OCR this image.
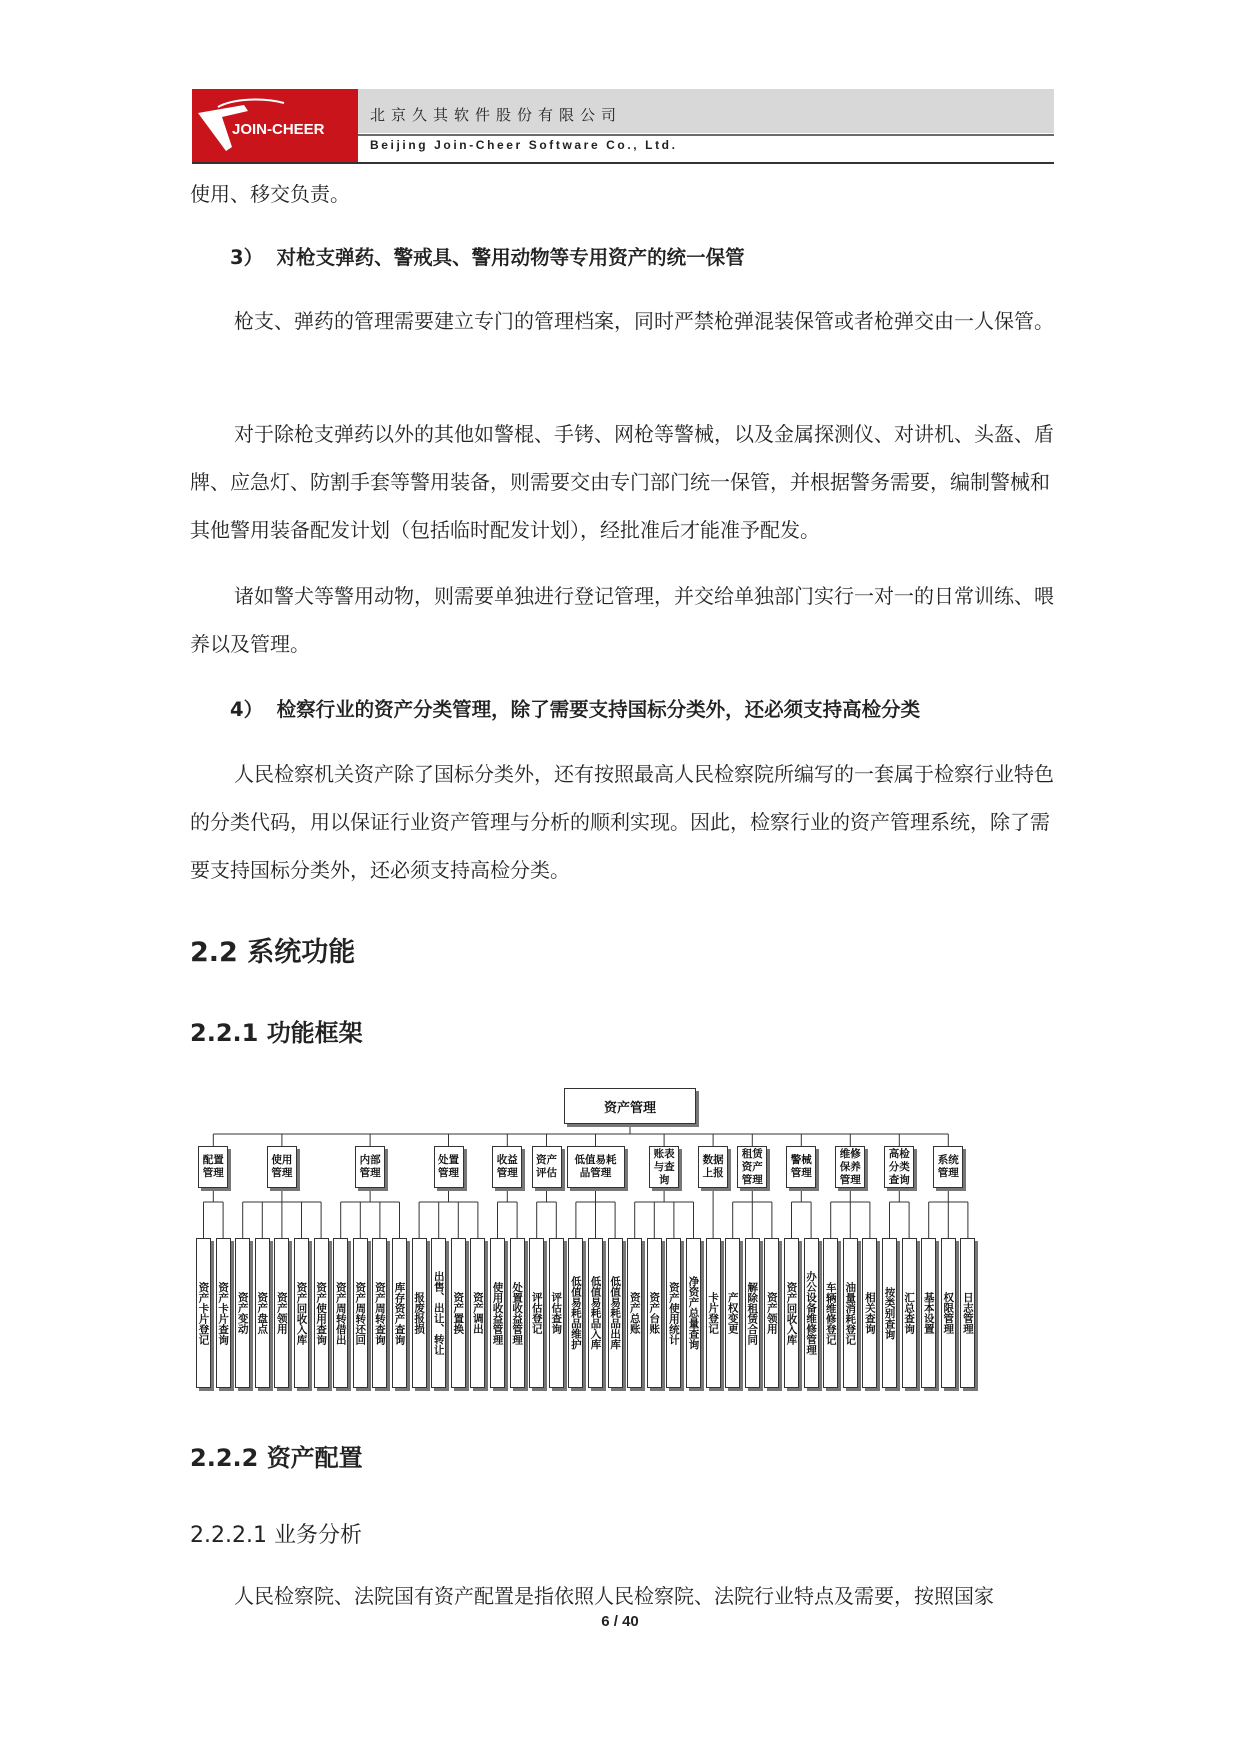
JOIN-CHEER
北京久其软件股份有限公司
Beijing Join-Cheer Software Co., Ltd.
使用、移交负责。
3） 对枪支弹药、警戒具、警用动物等专用资产的统一保管
枪支、弹药的管理需要建立专门的管理档案，同时严禁枪弹混装保管或者枪弹交由一人保管。
对于除枪支弹药以外的其他如警棍、手铐、网枪等警械，以及金属探测仪、对讲机、头盔、盾牌、应急灯、防割手套等警用装备，则需要交由专门部门统一保管，并根据警务需要，编制警械和其他警用装备配发计划（包括临时配发计划），经批准后才能准予配发。
诸如警犬等警用动物，则需要单独进行登记管理，并交给单独部门实行一对一的日常训练、喂养以及管理。
4） 检察行业的资产分类管理，除了需要支持国标分类外，还必须支持高检分类
人民检察机关资产除了国标分类外，还有按照最高人民检察院所编写的一套属于检察行业特色的分类代码，用以保证行业资产管理与分析的顺利实现。因此，检察行业的资产管理系统，除了需要支持国标分类外，还必须支持高检分类。
2.2 系统功能
2.2.1 功能框架
资产管理
资产卡片登记 资产卡片查询
配置
管理
资产变动 资产盘点 资产领用 资产回收入库 资产使用查询
使用
管理
资产周转借出 资产周转还回 资产周转查询 库存资产查询
内部
管理
报废报损 出售、出让、转让 资产置换 资产调出
处置
管理
使用收益管理 处置收益管理
收益
管理
评估登记 评估查询
资产
评估
低值易耗品维护 低值易耗品入库 低值易耗品出库
低值易耗
品管理
资产总账 资产台账 资产使用统计 净资产总量查询
账表
与查
询
卡片登记
数据
上报
产权变更 解除租赁合同 资产领用
租赁
资产
管理
资产回收入库 办公设备维修管理
警械
管理
车辆维修登记 油量消耗登记 相关查询
维修
保养
管理
按类别查询 汇总查询
高检
分类
查询
基本设置 权限管理 日志管理
系统
管理
2.2.2 资产配置
2.2.2.1 业务分析
人民检察院、法院国有资产配置是指依照人民检察院、法院行业特点及需要，按照国家
6 / 40
